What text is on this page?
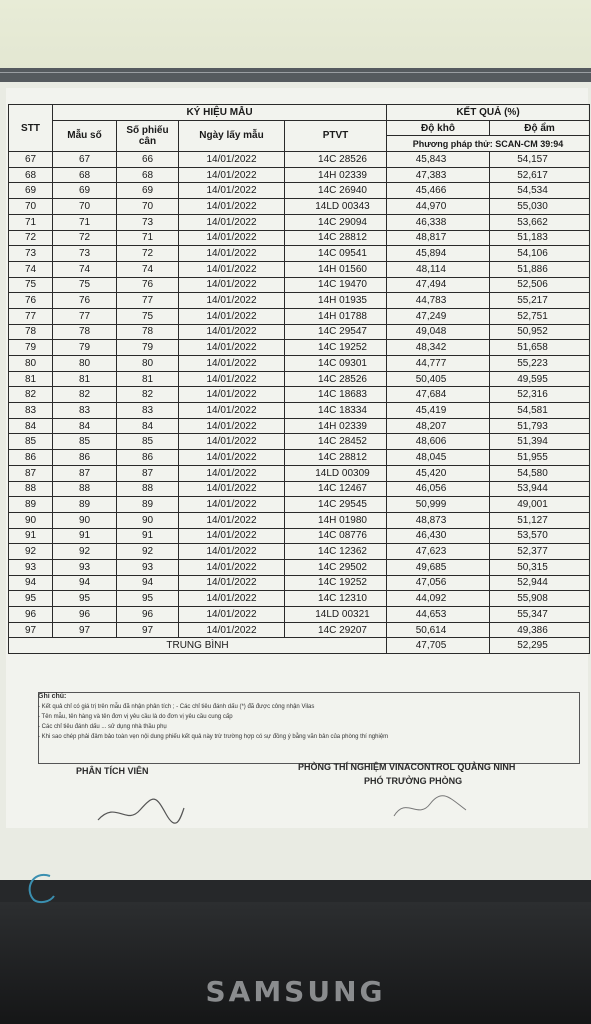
STT	KÝ HIỆU MẪU				KẾT QUẢ (%)	
	Mẫu số	Số phiếu cân	Ngày lấy mẫu	PTVT	Độ khô	Độ ẩm
					Phương pháp thử: SCAN-CM 39:94	
67	67	66	14/01/2022	14C 28526	45,843	54,157
68	68	68	14/01/2022	14H 02339	47,383	52,617
69	69	69	14/01/2022	14C 26940	45,466	54,534
70	70	70	14/01/2022	14LD 00343	44,970	55,030
71	71	73	14/01/2022	14C 29094	46,338	53,662
72	72	71	14/01/2022	14C 28812	48,817	51,183
73	73	72	14/01/2022	14C 09541	45,894	54,106
74	74	74	14/01/2022	14H 01560	48,114	51,886
75	75	76	14/01/2022	14C 19470	47,494	52,506
76	76	77	14/01/2022	14H 01935	44,783	55,217
77	77	75	14/01/2022	14H 01788	47,249	52,751
78	78	78	14/01/2022	14C 29547	49,048	50,952
79	79	79	14/01/2022	14C 19252	48,342	51,658
80	80	80	14/01/2022	14C 09301	44,777	55,223
81	81	81	14/01/2022	14C 28526	50,405	49,595
82	82	82	14/01/2022	14C 18683	47,684	52,316
83	83	83	14/01/2022	14C 18334	45,419	54,581
84	84	84	14/01/2022	14H 02339	48,207	51,793
85	85	85	14/01/2022	14C 28452	48,606	51,394
86	86	86	14/01/2022	14C 28812	48,045	51,955
87	87	87	14/01/2022	14LD 00309	45,420	54,580
88	88	88	14/01/2022	14C 12467	46,056	53,944
89	89	89	14/01/2022	14C 29545	50,999	49,001
90	90	90	14/01/2022	14H 01980	48,873	51,127
91	91	91	14/01/2022	14C 08776	46,430	53,570
92	92	92	14/01/2022	14C 12362	47,623	52,377
93	93	93	14/01/2022	14C 29502	49,685	50,315
94	94	94	14/01/2022	14C 19252	47,056	52,944
95	95	95	14/01/2022	14C 12310	44,092	55,908
96	96	96	14/01/2022	14LD 00321	44,653	55,347
97	97	97	14/01/2022	14C 29207	50,614	49,386
TRUNG BÌNH					47,705	52,295
Ghi chú:
- Kết quả chỉ có giá trị trên mẫu đã nhận phân tích ; - Các chỉ tiêu đánh dấu (*) đã được công nhận Vilas
- Tên mẫu, tên hàng và tên đơn vị yêu cầu là do đơn vị yêu cầu cung cấp
- Các chỉ tiêu đánh dấu ... sử dụng nhà thầu phụ
- Khi sao chép phải đảm bảo toàn vẹn nội dung phiếu kết quả này trừ trường hợp có sự đồng ý bằng văn bản của phòng thí nghiệm
PHÂN TÍCH VIÊN	PHÒNG THÍ NGHIỆM VINACONTROL QUẢNG NINH
PHÓ TRƯỞNG PHÒNG
SAMSUNG
